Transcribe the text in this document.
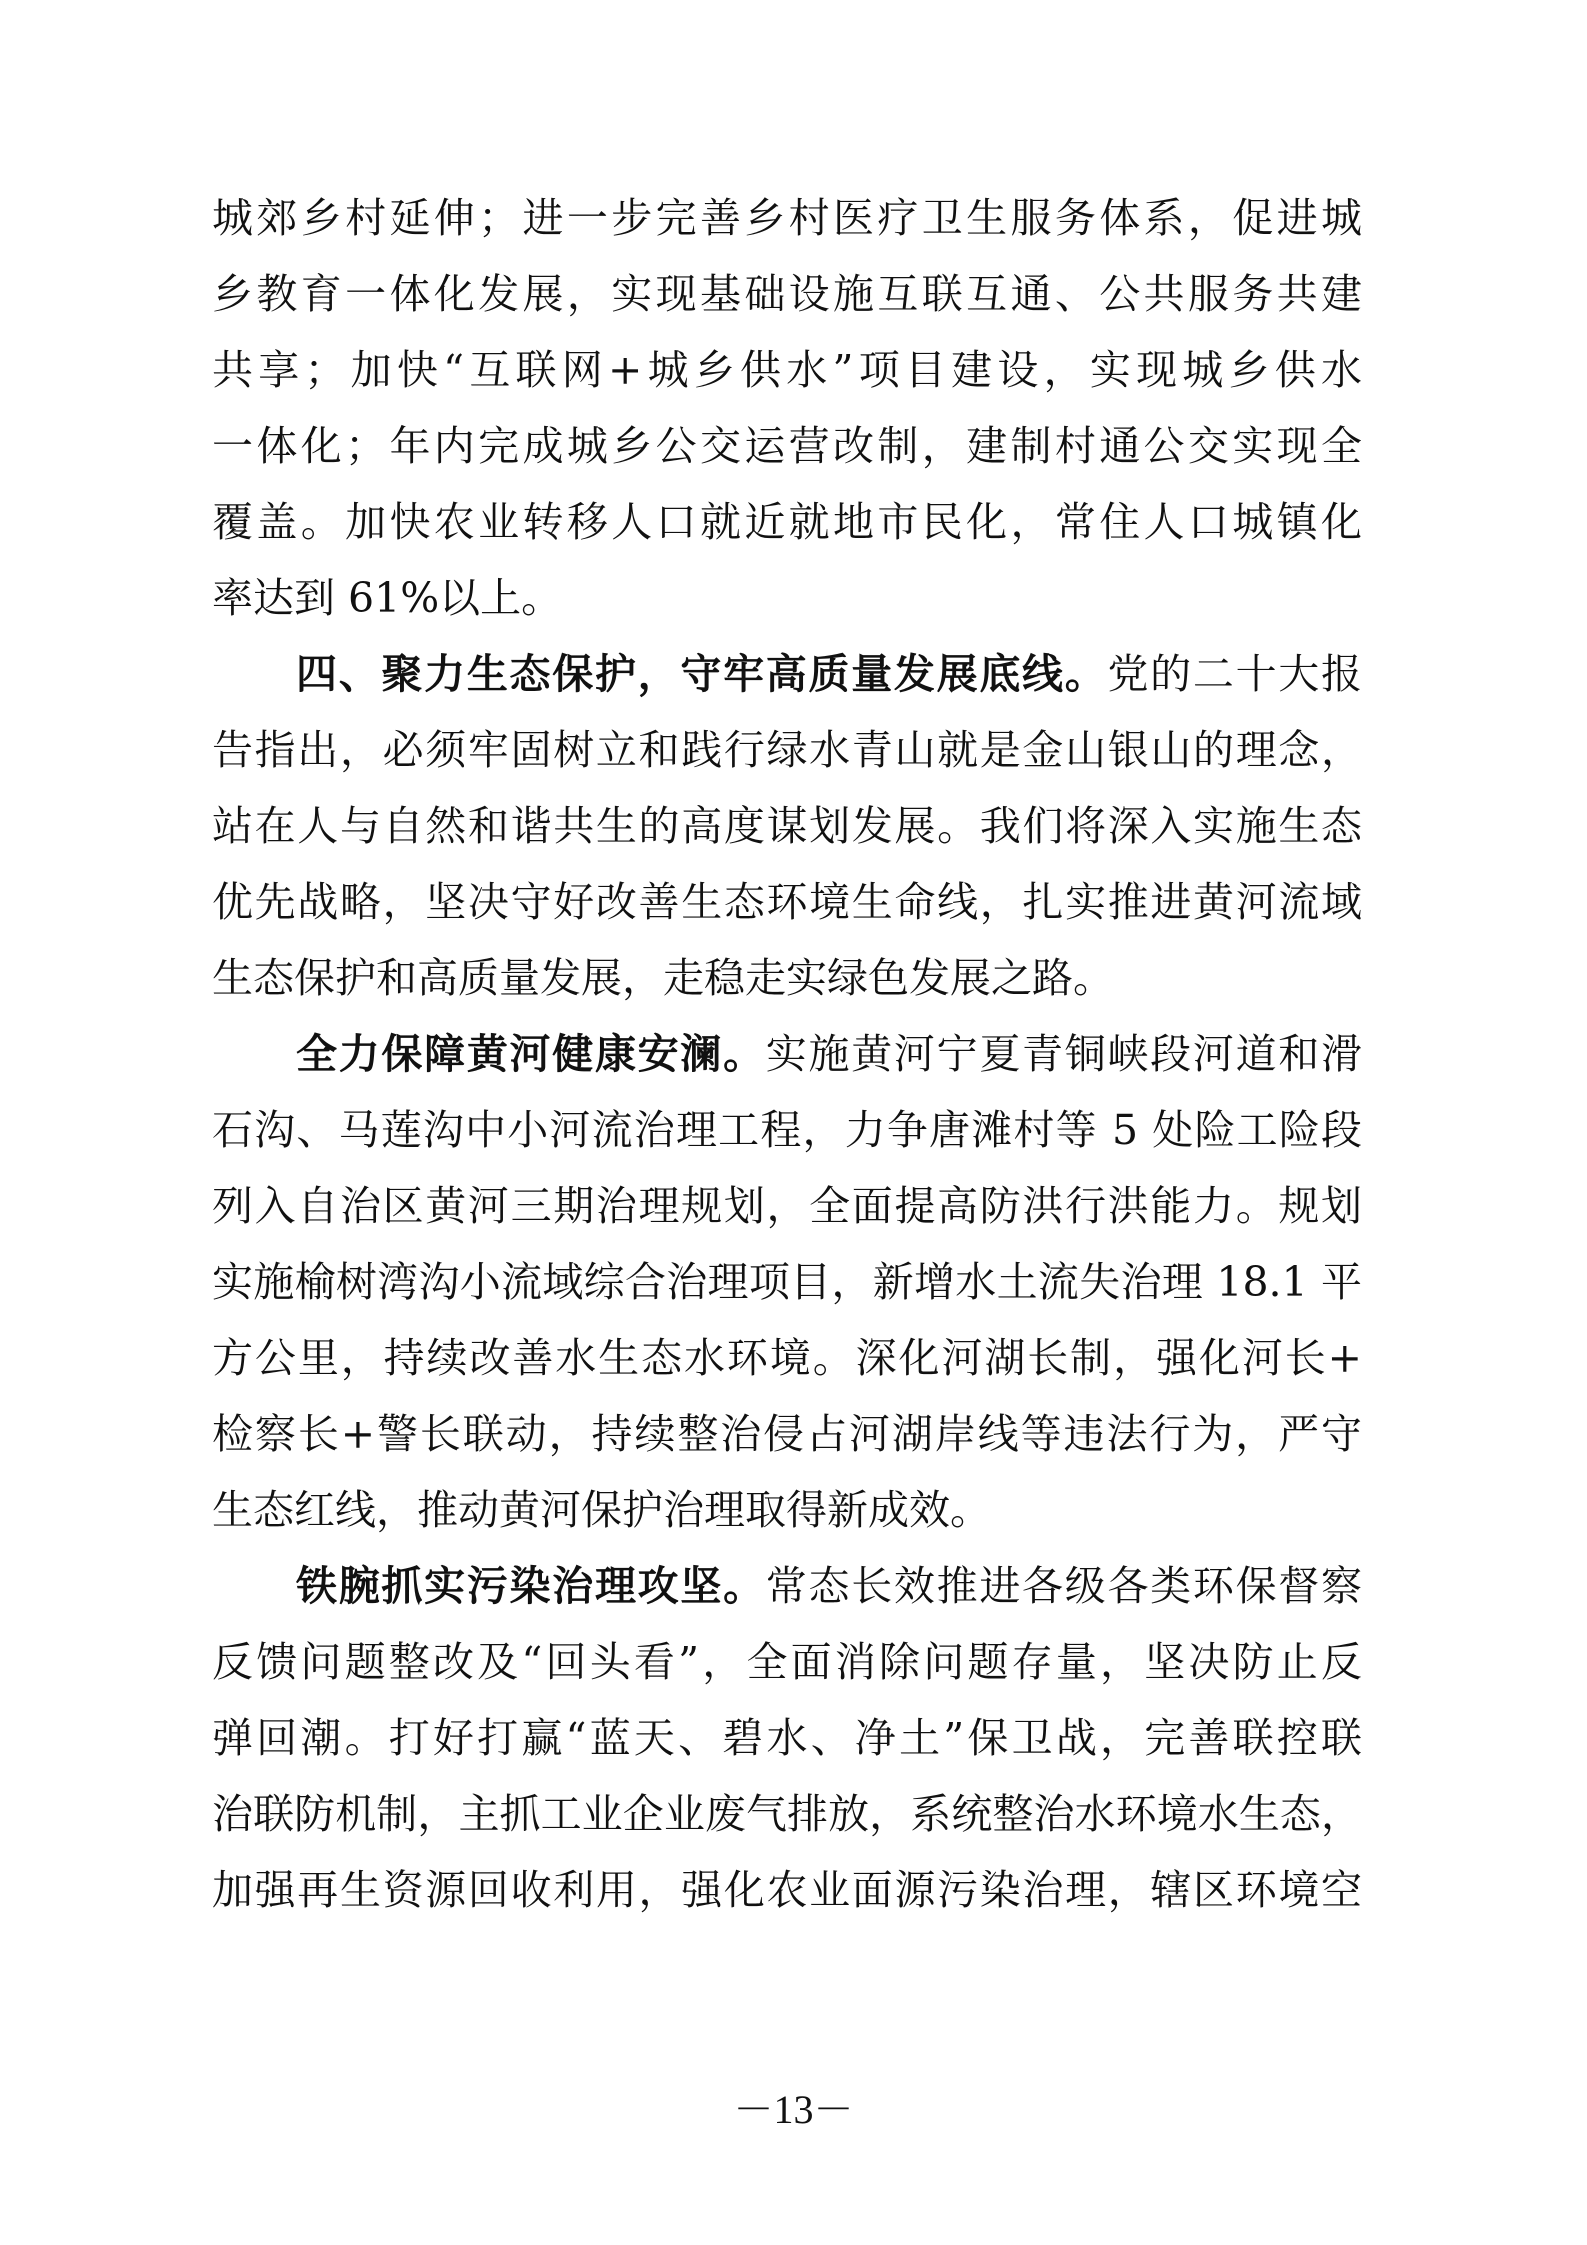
城郊乡村延伸；进一步完善乡村医疗卫生服务体系，促进城
乡教育一体化发展，实现基础设施互联互通、公共服务共建
共享；加快“互联网+城乡供水”项目建设，实现城乡供水
一体化；年内完成城乡公交运营改制，建制村通公交实现全
覆盖。加快农业转移人口就近就地市民化，常住人口城镇化
率达到 61%以上。
四、聚力生态保护，守牢高质量发展底线。党的二十大报
告指出，必须牢固树立和践行绿水青山就是金山银山的理念，
站在人与自然和谐共生的高度谋划发展。我们将深入实施生态
优先战略，坚决守好改善生态环境生命线，扎实推进黄河流域
生态保护和高质量发展，走稳走实绿色发展之路。
全力保障黄河健康安澜。实施黄河宁夏青铜峡段河道和滑
石沟、马莲沟中小河流治理工程，力争唐滩村等 5 处险工险段
列入自治区黄河三期治理规划，全面提高防洪行洪能力。规划
实施榆树湾沟小流域综合治理项目，新增水土流失治理 18.1 平
方公里，持续改善水生态水环境。深化河湖长制，强化河长+
检察长+警长联动，持续整治侵占河湖岸线等违法行为，严守
生态红线，推动黄河保护治理取得新成效。
铁腕抓实污染治理攻坚。常态长效推进各级各类环保督察
反馈问题整改及“回头看”，全面消除问题存量，坚决防止反
弹回潮。打好打赢“蓝天、碧水、净土”保卫战，完善联控联
治联防机制，主抓工业企业废气排放，系统整治水环境水生态，
加强再生资源回收利用，强化农业面源污染治理，辖区环境空
－13－
